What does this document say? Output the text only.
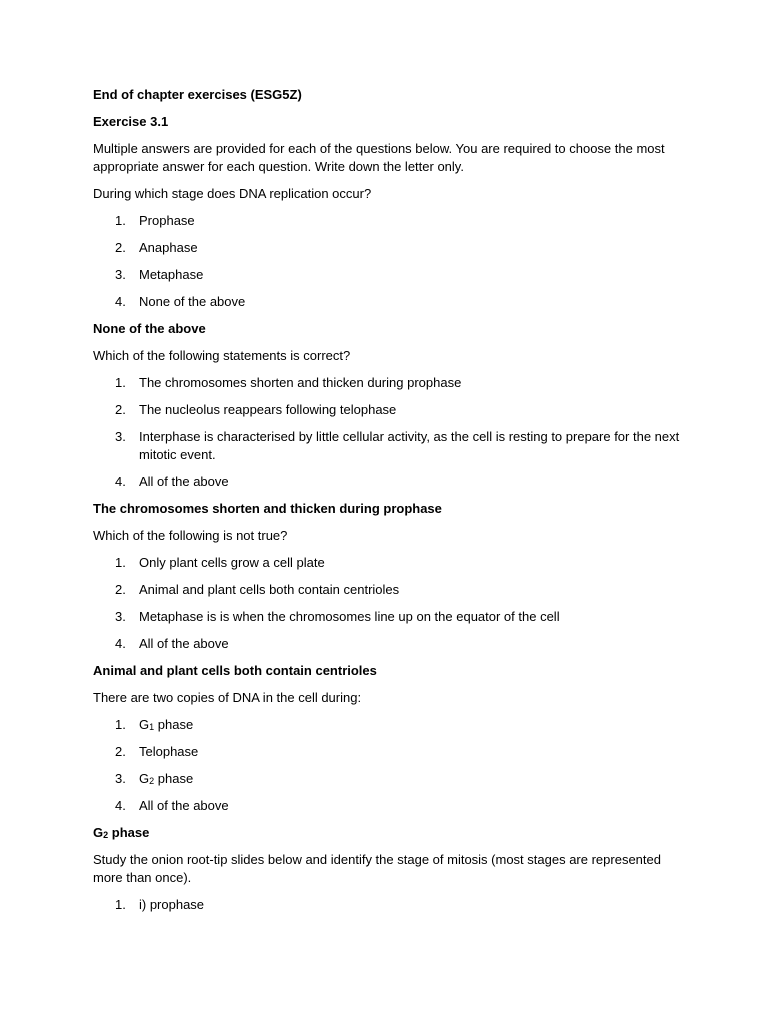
End of chapter exercises (ESG5Z)

Exercise 3.1

Multiple answers are provided for each of the questions below. You are required to choose the most appropriate answer for each question. Write down the letter only.

During which stage does DNA replication occur?

1. Prophase
2. Anaphase
3. Metaphase
4. None of the above

None of the above

Which of the following statements is correct?

1. The chromosomes shorten and thicken during prophase
2. The nucleolus reappears following telophase
3. Interphase is characterised by little cellular activity, as the cell is resting to prepare for the next mitotic event.
4. All of the above

The chromosomes shorten and thicken during prophase

Which of the following is not true?

1. Only plant cells grow a cell plate
2. Animal and plant cells both contain centrioles
3. Metaphase is is when the chromosomes line up on the equator of the cell
4. All of the above

Animal and plant cells both contain centrioles

There are two copies of DNA in the cell during:

1. $G_1$ phase
2. Telophase
3. $G_2$ phase
4. All of the above

$G_2$ phase

Study the onion root-tip slides below and identify the stage of mitosis (most stages are represented more than once).

1. i) prophase
